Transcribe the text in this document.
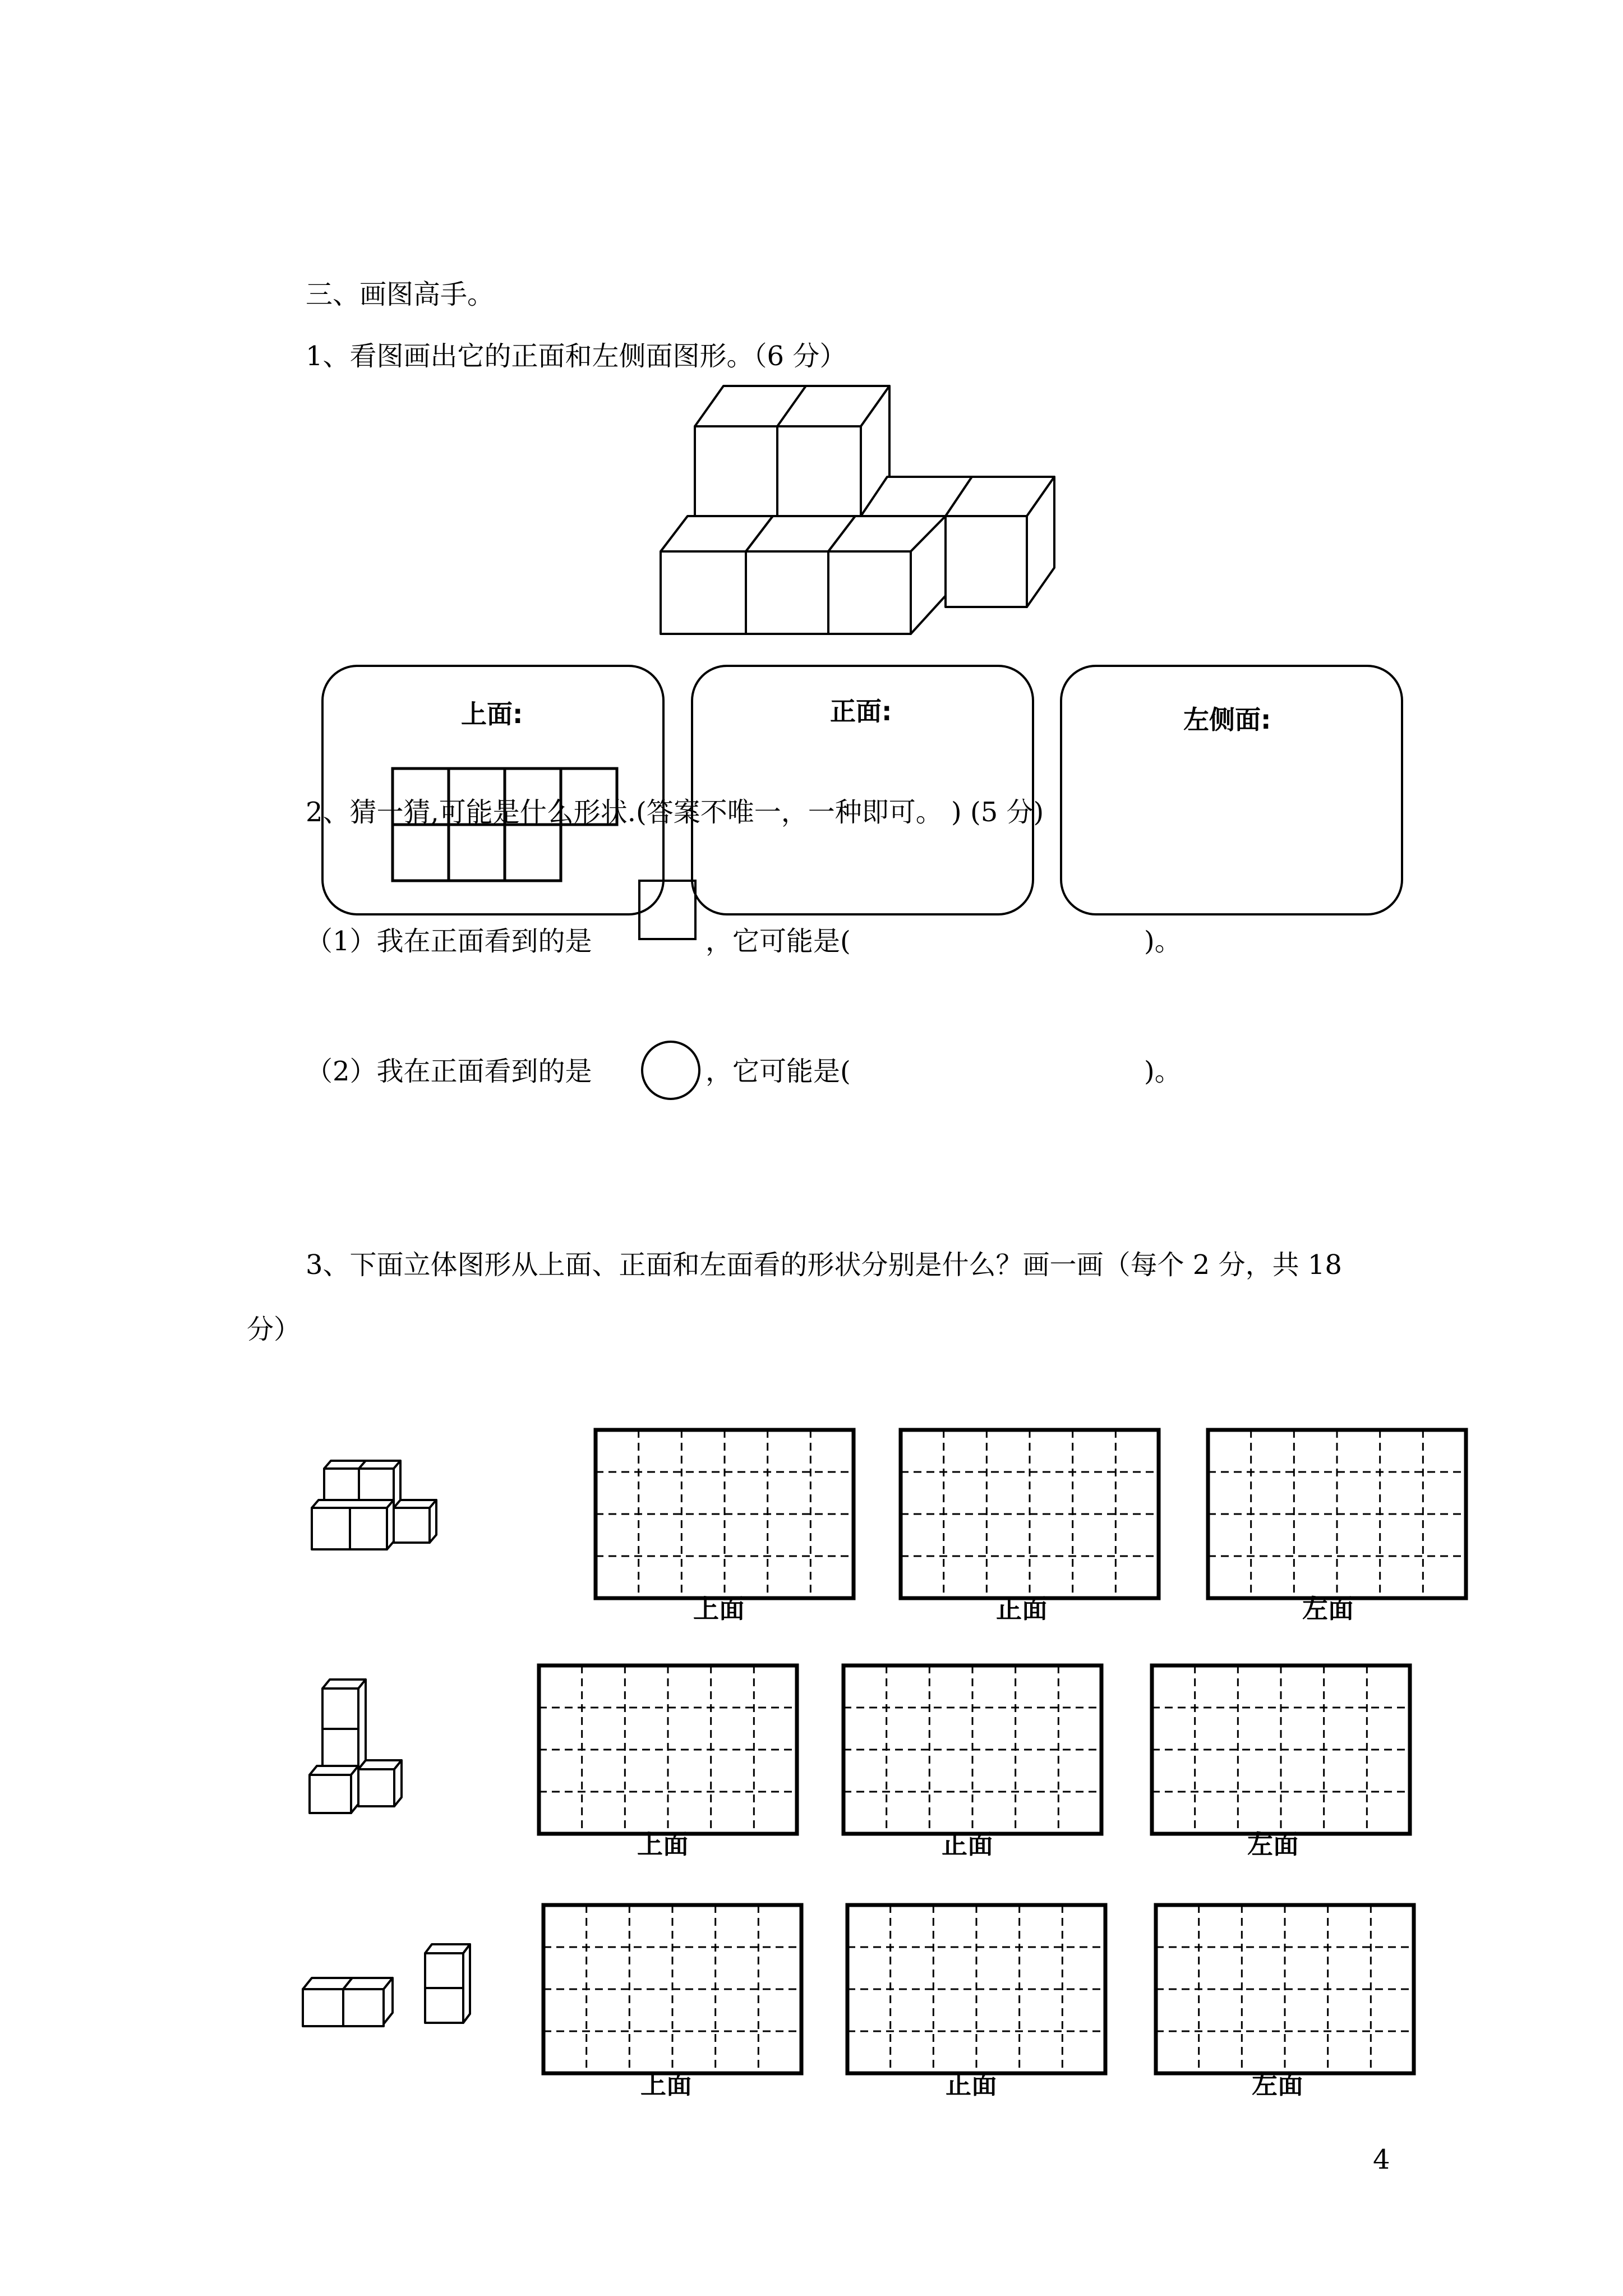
三、画图高手。
1、看图画出它的正面和左侧面图形。（6 分）
上面:	正面:	左侧面:
2、猜一猜,可能是什么形状.(答案不唯一，一种即可。 ) (5 分)
（1）我在正面看到的是	，它可能是(	)。
（2）我在正面看到的是	，它可能是(	)。
3、下面立体图形从上面、正面和左面看的形状分别是什么？画一画（每个 2 分，共 18
分）
上面	正面	左面
上面	正面	左面
上面	正面	左面
4
